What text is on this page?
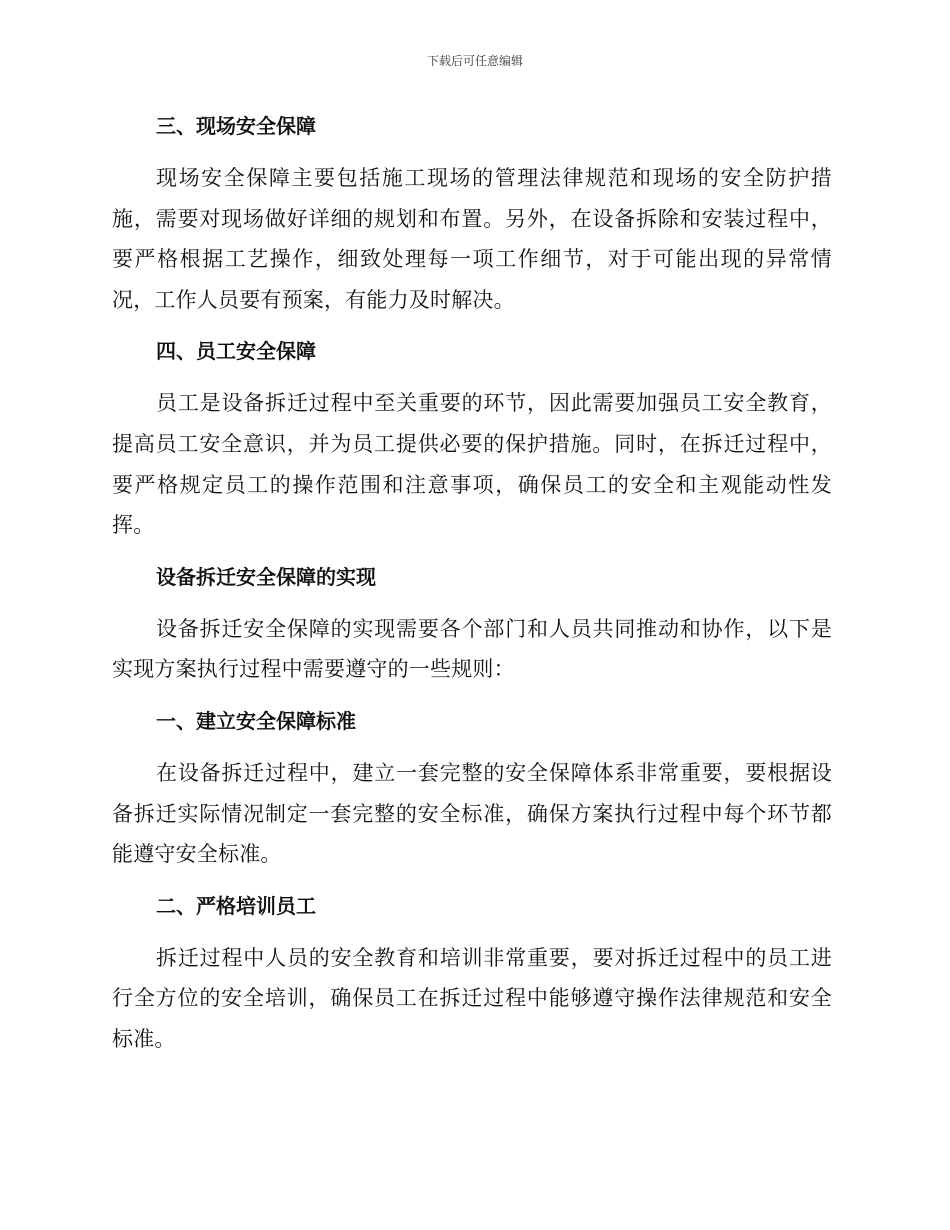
下载后可任意编辑
三、现场安全保障

现场安全保障主要包括施工现场的管理法律规范和现场的安全防护措施，需要对现场做好详细的规划和布置。另外，在设备拆除和安装过程中，要严格根据工艺操作，细致处理每一项工作细节，对于可能出现的异常情况，工作人员要有预案，有能力及时解决。

四、员工安全保障

员工是设备拆迁过程中至关重要的环节，因此需要加强员工安全教育，提高员工安全意识，并为员工提供必要的保护措施。同时，在拆迁过程中，要严格规定员工的操作范围和注意事项，确保员工的安全和主观能动性发挥。

设备拆迁安全保障的实现

设备拆迁安全保障的实现需要各个部门和人员共同推动和协作，以下是实现方案执行过程中需要遵守的一些规则：

一、建立安全保障标准

在设备拆迁过程中，建立一套完整的安全保障体系非常重要，要根据设备拆迁实际情况制定一套完整的安全标准，确保方案执行过程中每个环节都能遵守安全标准。

二、严格培训员工

拆迁过程中人员的安全教育和培训非常重要，要对拆迁过程中的员工进行全方位的安全培训，确保员工在拆迁过程中能够遵守操作法律规范和安全标准。
